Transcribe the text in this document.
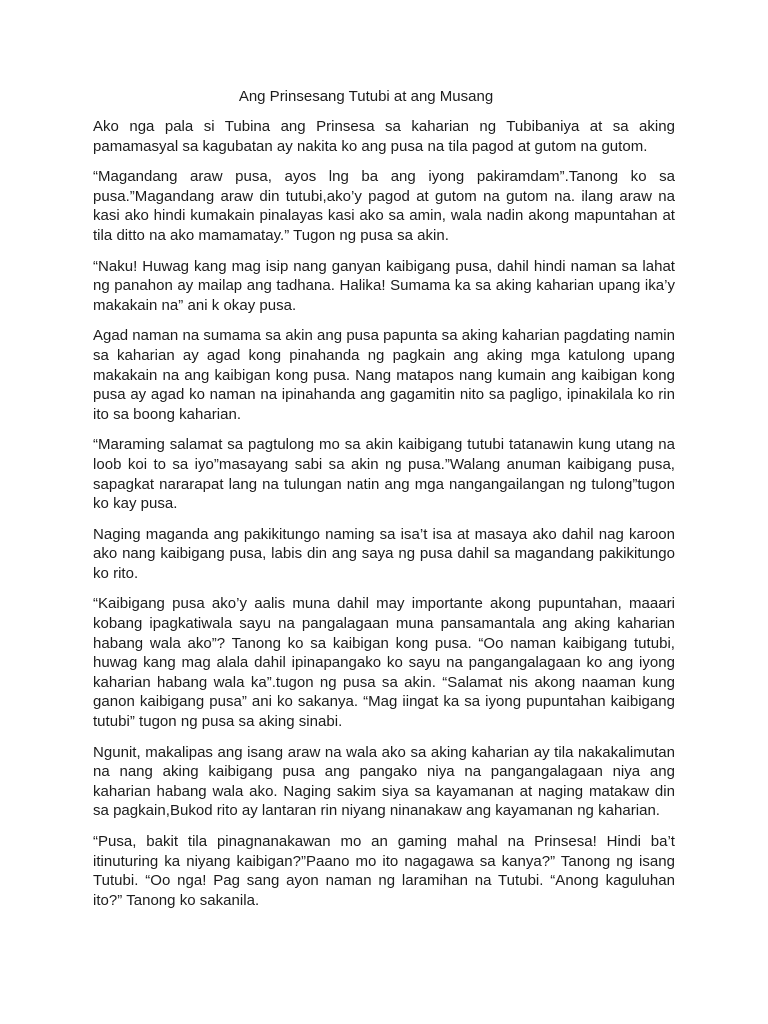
Ang Prinsesang Tutubi at ang Musang

Ako nga pala si Tubina ang Prinsesa sa kaharian ng Tubibaniya at sa aking pamamasyal sa kagubatan ay nakita ko ang pusa na tila pagod at gutom na gutom.

“Magandang araw pusa, ayos lng ba ang iyong pakiramdam”.Tanong ko sa pusa.”Magandang araw din tutubi,ako’y pagod at gutom na gutom na. ilang araw na kasi ako hindi kumakain pinalayas kasi ako sa amin, wala nadin akong mapuntahan at tila ditto na ako mamamatay.” Tugon ng pusa sa akin.

“Naku! Huwag kang mag isip nang ganyan kaibigang pusa, dahil hindi naman sa lahat ng panahon ay mailap ang tadhana. Halika! Sumama ka sa aking kaharian upang ika’y makakain na” ani k okay pusa.

Agad naman na sumama sa akin ang pusa papunta sa aking kaharian pagdating namin sa kaharian ay agad kong pinahanda ng pagkain ang aking mga katulong upang makakain na ang kaibigan kong pusa. Nang matapos nang kumain ang kaibigan kong pusa ay agad ko naman na ipinahanda ang gagamitin nito sa pagligo, ipinakilala ko rin ito sa boong kaharian.

“Maraming salamat sa pagtulong mo sa akin kaibigang tutubi tatanawin kung utang na loob koi to sa iyo”masayang sabi sa akin ng pusa.”Walang anuman kaibigang pusa, sapagkat nararapat lang na tulungan natin ang mga nangangailangan ng tulong”tugon ko kay pusa.

Naging maganda ang pakikitungo naming sa isa’t isa at masaya ako dahil nag karoon ako nang kaibigang pusa, labis din ang saya ng pusa dahil sa magandang pakikitungo ko rito.

“Kaibigang pusa ako’y aalis muna dahil may importante akong pupuntahan, maaari kobang ipagkatiwala sayu na pangalagaan muna pansamantala ang aking kaharian habang wala ako”? Tanong ko sa kaibigan kong pusa. “Oo naman kaibigang tutubi, huwag kang mag alala dahil ipinapangako ko sayu na pangangalagaan ko ang iyong kaharian habang wala ka”.tugon ng pusa sa akin. “Salamat nis akong naaman kung ganon kaibigang pusa” ani ko sakanya. “Mag iingat ka sa iyong pupuntahan kaibigang tutubi” tugon ng pusa sa aking sinabi.

Ngunit, makalipas ang isang araw na wala ako sa aking kaharian ay tila nakakalimutan na nang aking kaibigang pusa ang pangako niya na pangangalagaan niya ang kaharian habang wala ako. Naging sakim siya sa kayamanan at naging matakaw din sa pagkain,Bukod rito ay lantaran rin niyang ninanakaw ang kayamanan ng kaharian.

“Pusa, bakit tila pinagnanakawan mo an gaming mahal na Prinsesa! Hindi ba’t itinuturing ka niyang kaibigan?”Paano mo ito nagagawa sa kanya?” Tanong ng isang Tutubi. “Oo nga! Pag sang ayon naman ng laramihan na Tutubi. “Anong kaguluhan ito?” Tanong ko sakanila.
